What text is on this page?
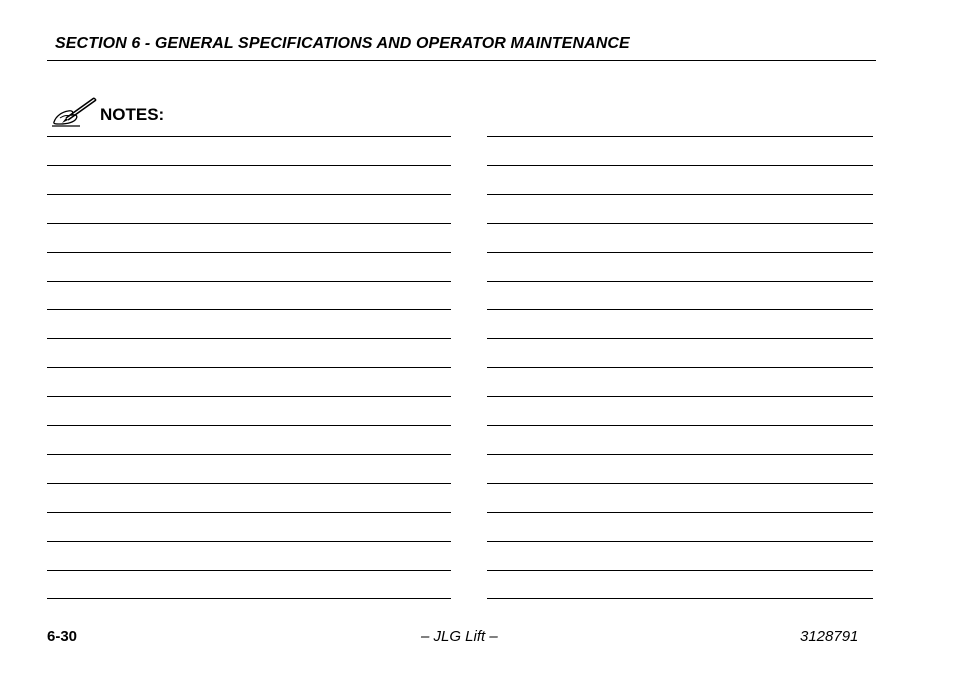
SECTION 6 - GENERAL SPECIFICATIONS AND OPERATOR MAINTENANCE
NOTES:
6-30	– JLG Lift –	3128791
